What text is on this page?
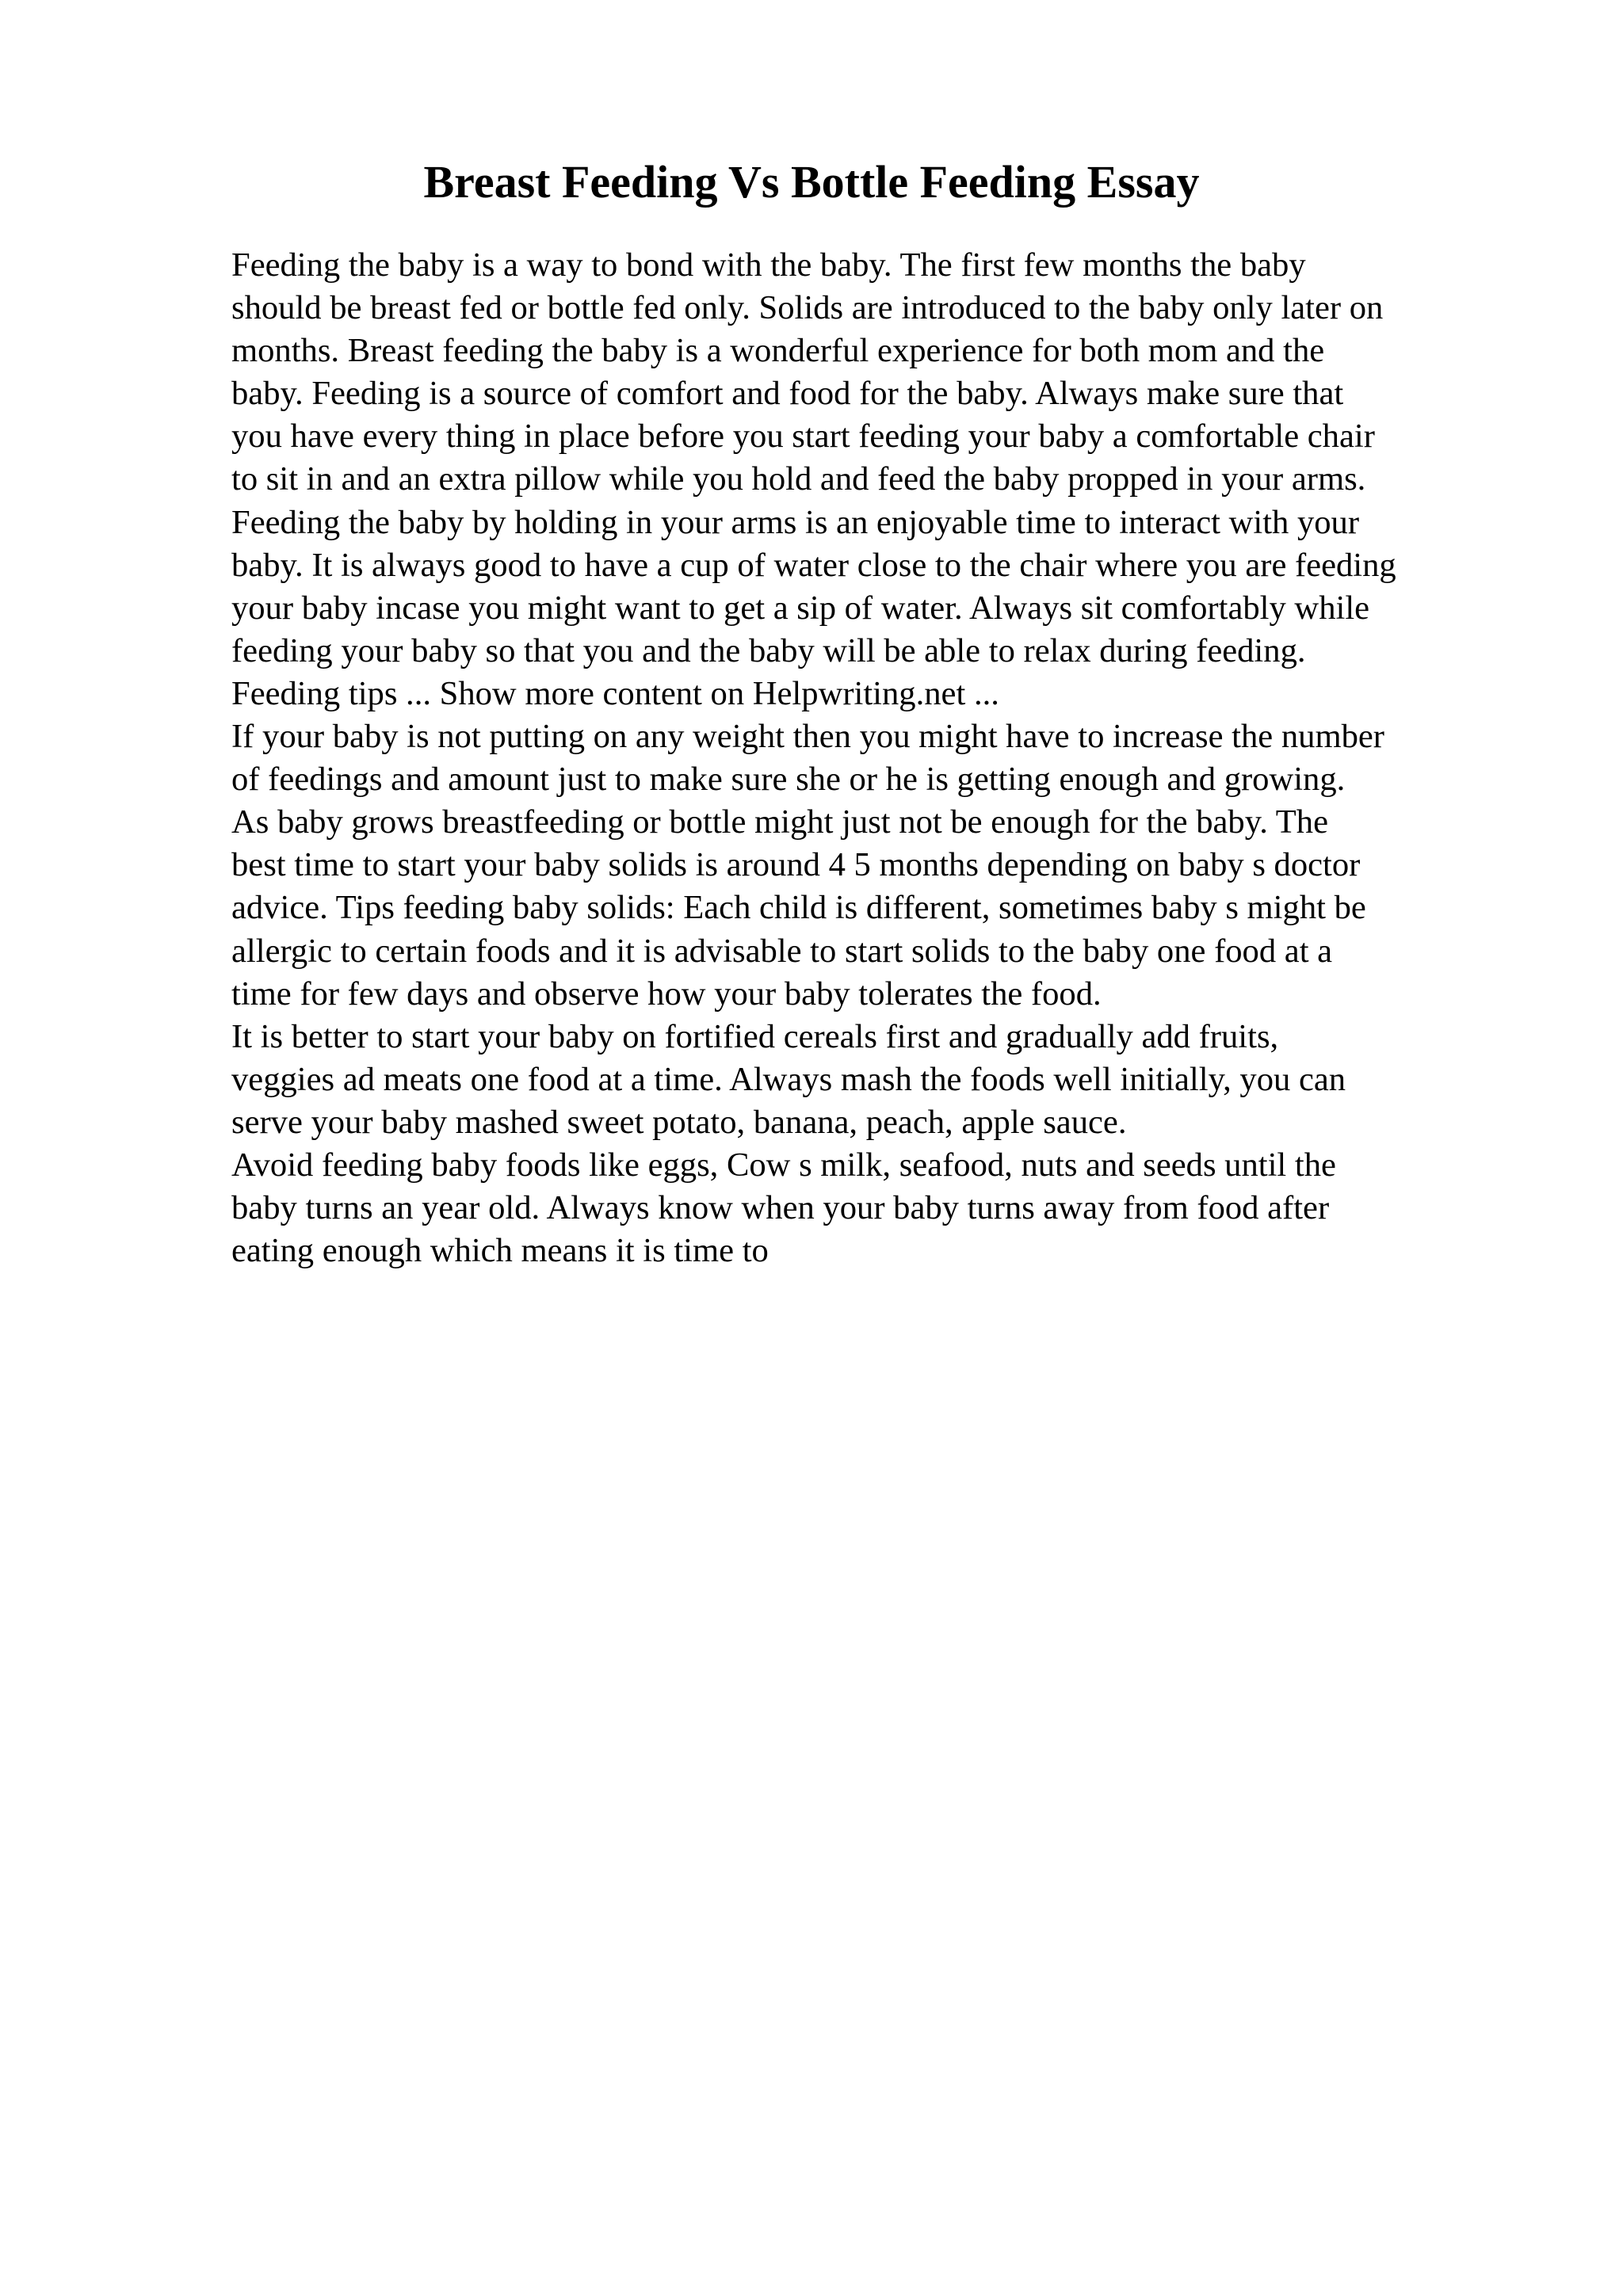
Breast Feeding Vs Bottle Feeding Essay
Feeding the baby is a way to bond with the baby. The first few months the baby
should be breast fed or bottle fed only. Solids are introduced to the baby only later on
months. Breast feeding the baby is a wonderful experience for both mom and the
baby. Feeding is a source of comfort and food for the baby. Always make sure that
you have every thing in place before you start feeding your baby a comfortable chair
to sit in and an extra pillow while you hold and feed the baby propped in your arms.
Feeding the baby by holding in your arms is an enjoyable time to interact with your
baby. It is always good to have a cup of water close to the chair where you are feeding
your baby incase you might want to get a sip of water. Always sit comfortably while
feeding your baby so that you and the baby will be able to relax during feeding.
Feeding tips ... Show more content on Helpwriting.net ...
If your baby is not putting on any weight then you might have to increase the number
of feedings and amount just to make sure she or he is getting enough and growing.
As baby grows breastfeeding or bottle might just not be enough for the baby. The
best time to start your baby solids is around 4 5 months depending on baby s doctor
advice. Tips feeding baby solids: Each child is different, sometimes baby s might be
allergic to certain foods and it is advisable to start solids to the baby one food at a
time for few days and observe how your baby tolerates the food.
It is better to start your baby on fortified cereals first and gradually add fruits,
veggies ad meats one food at a time. Always mash the foods well initially, you can
serve your baby mashed sweet potato, banana, peach, apple sauce.
Avoid feeding baby foods like eggs, Cow s milk, seafood, nuts and seeds until the
baby turns an year old. Always know when your baby turns away from food after
eating enough which means it is time to
